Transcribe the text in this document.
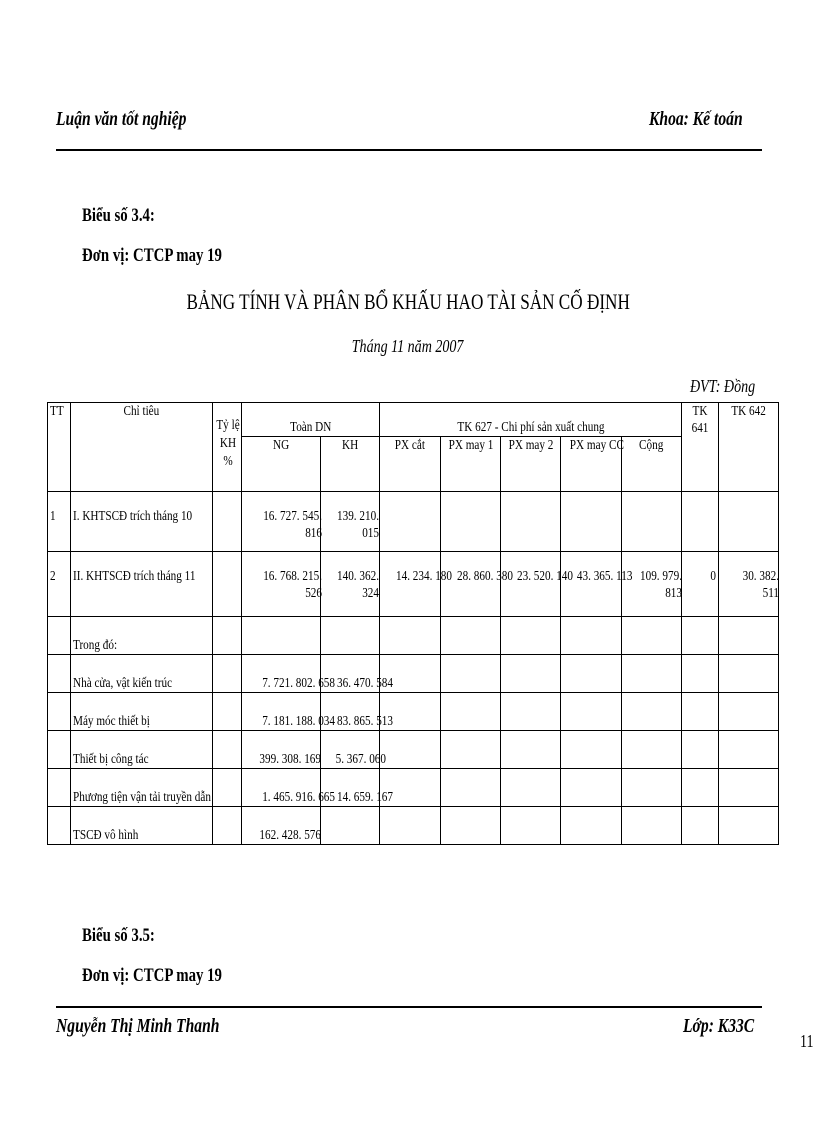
Luận văn tốt nghiệp	Khoa: Kế toán
Biểu số 3.4:
Đơn vị: CTCP may 19
BẢNG TÍNH VÀ PHÂN BỔ KHẤU HAO TÀI SẢN CỐ ĐỊNH
Tháng 11 năm 2007
ĐVT: Đồng
TT	Chỉ tiêu	Tỷ lệ KH %	Toàn DN		TK 627 - Chi phí sản xuất chung					TK 641	TK 642
			NG	KH	PX cắt	PX may 1	PX may 2	PX may CC	Cộng		
1	I. KHTSCĐ trích tháng 10		16. 727. 545. 816	139. 210. 015							
2	II. KHTSCĐ trích tháng 11		16. 768. 215. 526	140. 362. 324	14. 234. 180	28. 860. 380	23. 520. 140	43. 365. 113	109. 979. 813	0	30. 382. 511
	Trong đó:										
	Nhà cửa, vật kiến trúc		7. 721. 802. 658	36. 470. 584							
	Máy móc thiết bị		7. 181. 188. 034	83. 865. 513							
	Thiết bị công tác		399. 308. 169	5. 367. 060							
	Phương tiện vận tải truyền dẫn		1. 465. 916. 665	14. 659. 167							
	TSCĐ vô hình		162. 428. 576								
Biểu số 3.5:
Đơn vị: CTCP may 19
Nguyễn Thị Minh Thanh	Lớp: K33C
11
